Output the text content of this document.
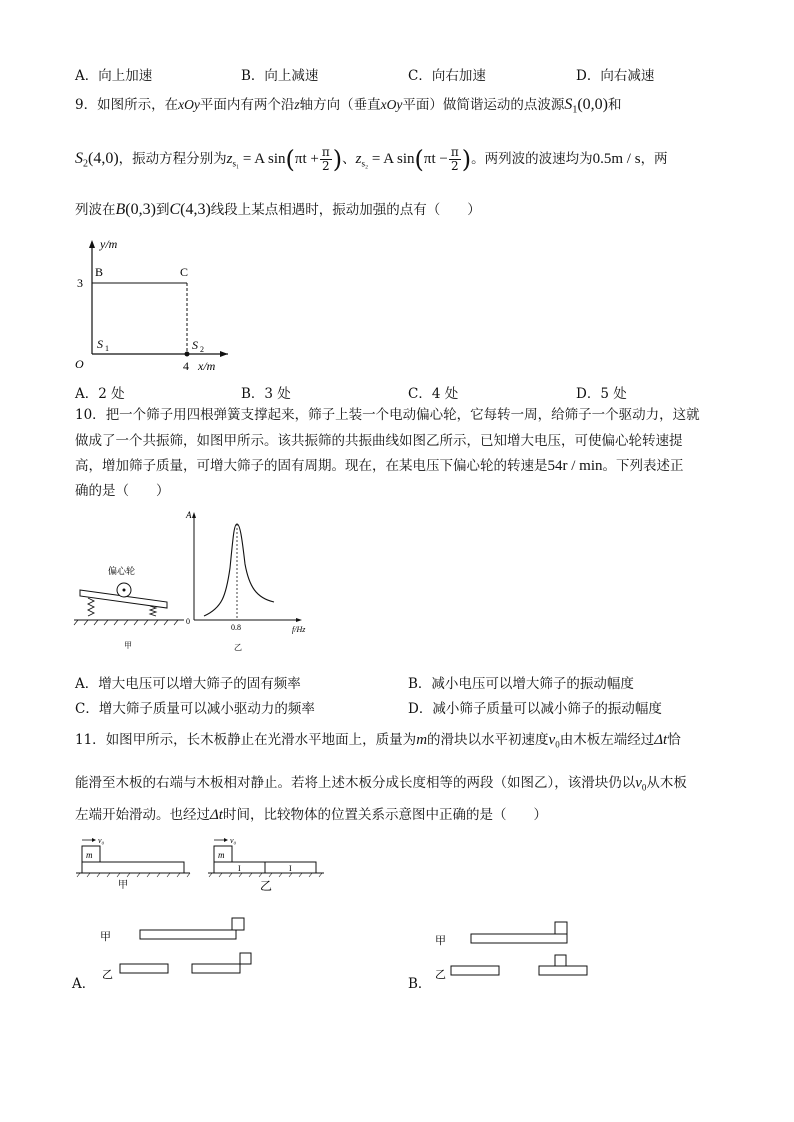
A．向上加速	B．向上减速	C．向右加速	D．向右减速
9．如图所示，在xOy平面内有两个沿z轴方向（垂直xOy平面）做简谐运动的点波源$S_1(0,0)$和
$S_2(4,0)$，振动方程分别为$z_{s_1} = A$ $\sin(\pi t + \frac{\pi}{2}$ )、$z_{s_2} = A$ $\sin(\pi t - \frac{\pi}{2}$ )。两列波的波速均为0.5m / s，两
列波在B(0,3)到C(4,3)线段上某点相遇时，振动加强的点有（　　）
y/m
x/m
B	C
3
4
O
S 1	S 2
A．2 处	B．3 处	C．4 处	D．5 处
10．把一个筛子用四根弹簧支撑起来，筛子上装一个电动偏心轮，它每转一周，给筛子一个驱动力，这就
做成了一个共振筛，如图甲所示。该共振筛的共振曲线如图乙所示，已知增大电压，可使偏心轮转速提
高，增加筛子质量，可增大筛子的固有周期。现在，在某电压下偏心轮的转速是54r / min。下列表述正
确的是（　　）
偏心轮
甲
A
0
0.8	f/Hz
乙
A．增大电压可以增大筛子的固有频率	B．减小电压可以增大筛子的振动幅度
C．增大筛子质量可以减小驱动力的频率	D．减小筛子质量可以减小筛子的振动幅度
11．如图甲所示，长木板静止在光滑水平地面上，质量为m的滑块以水平初速度$v_0$由木板左端经过Δt恰
能滑至木板的右端与木板相对静止。若将上述木板分成长度相等的两段（如图乙），该滑块仍以$v_0$从木板
左端开始滑动。也经过Δt时间，比较物体的位置关系示意图中正确的是（　　）
m
v₀
甲
m
v₀
I	I
乙
甲
乙
A．
甲
乙
B．
